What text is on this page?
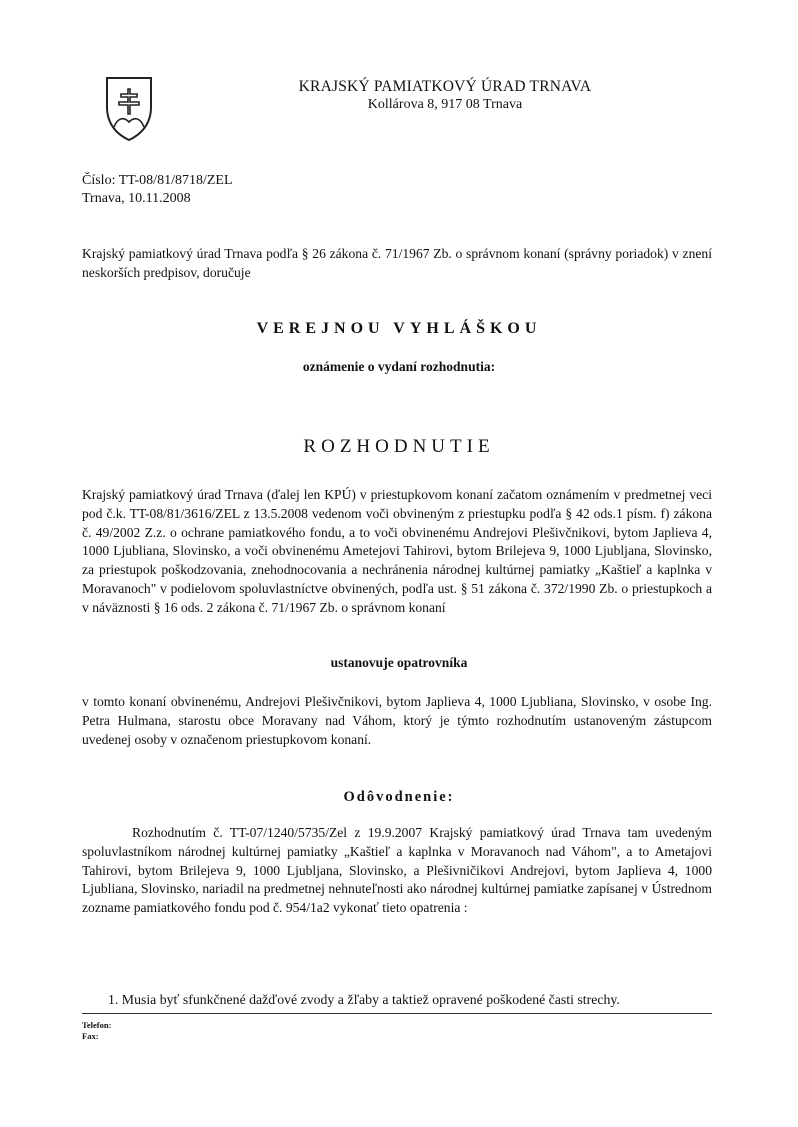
KRAJSKÝ PAMIATKOVÝ ÚRAD TRNAVA
Kollárova 8, 917 08 Trnava
Číslo: TT-08/81/8718/ZEL
Trnava, 10.11.2008
Krajský pamiatkový úrad Trnava podľa § 26 zákona č. 71/1967 Zb. o správnom konaní (správny poriadok) v znení neskorších predpisov, doručuje
VEREJNOU VYHLÁŠKOU
oznámenie o vydaní rozhodnutia:
ROZHODNUTIE
Krajský pamiatkový úrad Trnava (ďalej len KPÚ) v priestupkovom konaní začatom oznámením v predmetnej veci pod č.k. TT-08/81/3616/ZEL z 13.5.2008 vedenom voči obvineným z priestupku podľa § 42 ods.1 písm. f) zákona č. 49/2002 Z.z. o ochrane pamiatkového fondu, a to voči obvinenému Andrejovi Plešivčnikovi, bytom Japlieva 4, 1000 Ljubliana, Slovinsko, a voči obvinenému Ametejovi Tahirovi, bytom Brilejeva 9, 1000 Ljubljana, Slovinsko, za priestupok poškodzovania, znehodnocovania a nechránenia národnej kultúrnej pamiatky „Kaštieľ a kaplnka v Moravanoch" v podielovom spoluvlastníctve obvinených, podľa ust. § 51 zákona č. 372/1990 Zb. o priestupkoch a v náväznosti § 16 ods. 2 zákona č. 71/1967 Zb. o správnom konaní
ustanovuje opatrovníka
v tomto konaní obvinenému, Andrejovi Plešivčnikovi, bytom Japlieva 4, 1000 Ljubliana, Slovinsko, v osobe Ing. Petra Hulmana, starostu obce Moravany nad Váhom, ktorý je týmto rozhodnutím ustanoveným zástupcom uvedenej osoby v označenom priestupkovom konaní.
Odôvodnenie:
Rozhodnutím č. TT-07/1240/5735/Zel z 19.9.2007 Krajský pamiatkový úrad Trnava tam uvedeným spoluvlastníkom národnej kultúrnej pamiatky „Kaštieľ a kaplnka v Moravanoch nad Váhom", a to Ametajovi Tahirovi, bytom Brilejeva 9, 1000 Ljubljana, Slovinsko, a Plešivničikovi Andrejovi, bytom Japlieva 4, 1000 Ljubliana, Slovinsko, nariadil na predmetnej nehnuteľnosti ako národnej kultúrnej pamiatke zapísanej v Ústrednom zozname pamiatkového fondu pod č. 954/1a2 vykonať tieto opatrenia :
1. Musia byť sfunkčnené dažďové zvody a žľaby a taktiež opravené poškodené časti strechy.
Telefon:
Fax:
